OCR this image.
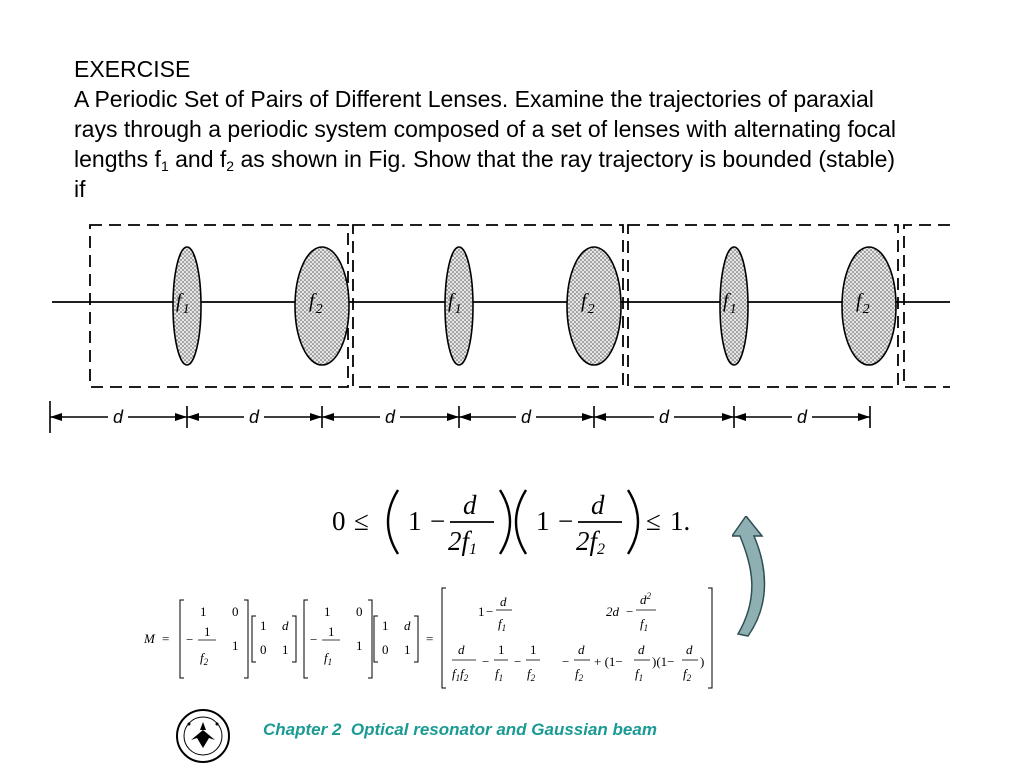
EXERCISE

A Periodic Set of Pairs of Different Lenses. Examine the trajectories of paraxial

rays through a periodic system composed of a set of lenses with alternating focal

lengths $f_1$ and $f_2$ as shown in Fig. Show that the ray trajectory is bounded (stable)

if

$f_1$	$f_2$	$f_1$	$f_2$	$f_1$	$f_2$
d	d	d	d	d	d
0 ≤ 1 −
d
2f1
1 −
d
2f2
≤ 1.
M =
1 0
−
1
$f_2$
1
1 d
0 1
1 0
−
1
$f_1$
1
1 d
0 1
=
1 −
d
$f_1$
2d −
$d^2$
$f_1$
d
$f_1f_2$
−
1
$f_1$
−
1
$f_2$
−
d
$f_2$
+ (1−
d
$f_1$
)(1−
d
$f_2$
)
Chapter 2  Optical resonator and Gaussian beam
